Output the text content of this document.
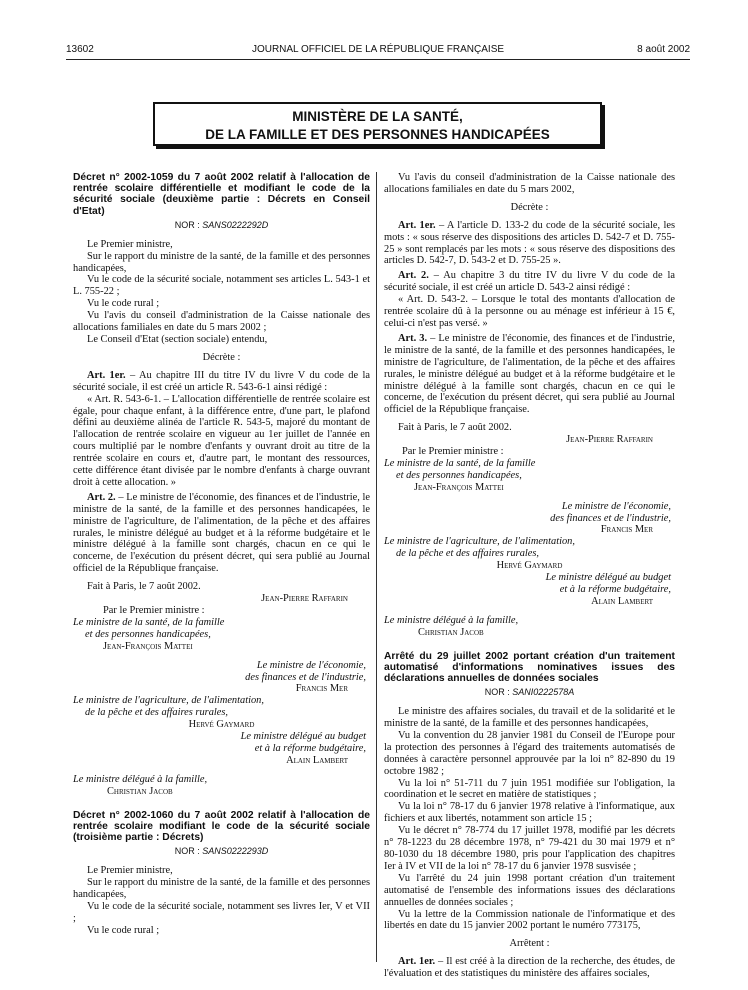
13602	JOURNAL OFFICIEL DE LA RÉPUBLIQUE FRANÇAISE	8 août 2002
MINISTÈRE DE LA SANTÉ,
DE LA FAMILLE ET DES PERSONNES HANDICAPÉES

Décret n° 2002-1059 du 7 août 2002 relatif à l'allocation de rentrée scolaire différentielle et modifiant le code de la sécurité sociale (deuxième partie : Décrets en Conseil d'Etat)

NOR : SANS0222292D

Le Premier ministre,

Sur le rapport du ministre de la santé, de la famille et des personnes handicapées,

Vu le code de la sécurité sociale, notamment ses articles L. 543-1 et L. 755-22 ;

Vu le code rural ;

Vu l'avis du conseil d'administration de la Caisse nationale des allocations familiales en date du 5 mars 2002 ;

Le Conseil d'Etat (section sociale) entendu,

Décrète :

Art. 1er. – Au chapitre III du titre IV du livre V du code de la sécurité sociale, il est créé un article R. 543-6-1 ainsi rédigé :

« Art. R. 543-6-1. – L'allocation différentielle de rentrée scolaire est égale, pour chaque enfant, à la différence entre, d'une part, le plafond défini au deuxième alinéa de l'article R. 543-5, majoré du montant de l'allocation de rentrée scolaire en vigueur au 1er juillet de l'année en cours multiplié par le nombre d'enfants y ouvrant droit au titre de la rentrée scolaire en cours et, d'autre part, le montant des ressources, cette différence étant divisée par le nombre d'enfants à charge ouvrant droit à cette allocation. »

Art. 2. – Le ministre de l'économie, des finances et de l'industrie, le ministre de la santé, de la famille et des personnes handicapées, le ministre de l'agriculture, de l'alimentation, de la pêche et des affaires rurales, le ministre délégué au budget et à la réforme budgétaire et le ministre délégué à la famille sont chargés, chacun en ce qui le concerne, de l'exécution du présent décret, qui sera publié au Journal officiel de la République française.

Fait à Paris, le 7 août 2002.

Jean-Pierre Raffarin

Par le Premier ministre :

Le ministre de la santé, de la famille

et des personnes handicapées,

Jean-François Mattei

Le ministre de l'économie,

des finances et de l'industrie,

Francis Mer

Le ministre de l'agriculture, de l'alimentation,

de la pêche et des affaires rurales,

Hervé Gaymard

Le ministre délégué au budget

et à la réforme budgétaire,

Alain Lambert

Le ministre délégué à la famille,

Christian Jacob

Décret n° 2002-1060 du 7 août 2002 relatif à l'allocation de rentrée scolaire modifiant le code de la sécurité sociale (troisième partie : Décrets)

NOR : SANS0222293D

Le Premier ministre,

Sur le rapport du ministre de la santé, de la famille et des personnes handicapées,

Vu le code de la sécurité sociale, notamment ses livres Ier, V et VII ;

Vu le code rural ;

Vu l'avis du conseil d'administration de la Caisse nationale des allocations familiales en date du 5 mars 2002,

Décrète :

Art. 1er. – A l'article D. 133-2 du code de la sécurité sociale, les mots : « sous réserve des dispositions des articles D. 542-7 et D. 755-25 » sont remplacés par les mots : « sous réserve des dispositions des articles D. 542-7, D. 543-2 et D. 755-25 ».

Art. 2. – Au chapitre 3 du titre IV du livre V du code de la sécurité sociale, il est créé un article D. 543-2 ainsi rédigé :

« Art. D. 543-2. – Lorsque le total des montants d'allocation de rentrée scolaire dû à la personne ou au ménage est inférieur à 15 €, celui-ci n'est pas versé. »

Art. 3. – Le ministre de l'économie, des finances et de l'industrie, le ministre de la santé, de la famille et des personnes handicapées, le ministre de l'agriculture, de l'alimentation, de la pêche et des affaires rurales, le ministre délégué au budget et à la réforme budgétaire et le ministre délégué à la famille sont chargés, chacun en ce qui le concerne, de l'exécution du présent décret, qui sera publié au Journal officiel de la République française.

Fait à Paris, le 7 août 2002.

Jean-Pierre Raffarin

Par le Premier ministre :

Le ministre de la santé, de la famille

et des personnes handicapées,

Jean-François Mattei

Le ministre de l'économie,

des finances et de l'industrie,

Francis Mer

Le ministre de l'agriculture, de l'alimentation,

de la pêche et des affaires rurales,

Hervé Gaymard

Le ministre délégué au budget

et à la réforme budgétaire,

Alain Lambert

Le ministre délégué à la famille,

Christian Jacob

Arrêté du 29 juillet 2002 portant création d'un traitement automatisé d'informations nominatives issues des déclarations annuelles de données sociales

NOR : SANI0222578A

Le ministre des affaires sociales, du travail et de la solidarité et le ministre de la santé, de la famille et des personnes handicapées,

Vu la convention du 28 janvier 1981 du Conseil de l'Europe pour la protection des personnes à l'égard des traitements automatisés de données à caractère personnel approuvée par la loi n° 82-890 du 19 octobre 1982 ;

Vu la loi n° 51-711 du 7 juin 1951 modifiée sur l'obligation, la coordination et le secret en matière de statistiques ;

Vu la loi n° 78-17 du 6 janvier 1978 relative à l'informatique, aux fichiers et aux libertés, notamment son article 15 ;

Vu le décret n° 78-774 du 17 juillet 1978, modifié par les décrets n° 78-1223 du 28 décembre 1978, n° 79-421 du 30 mai 1979 et n° 80-1030 du 18 décembre 1980, pris pour l'application des chapitres Ier à IV et VII de la loi n° 78-17 du 6 janvier 1978 susvisée ;

Vu l'arrêté du 24 juin 1998 portant création d'un traitement automatisé de l'ensemble des informations issues des déclarations annuelles de données sociales ;

Vu la lettre de la Commission nationale de l'informatique et des libertés en date du 15 janvier 2002 portant le numéro 773175,

Arrêtent :

Art. 1er. – Il est créé à la direction de la recherche, des études, de l'évaluation et des statistiques du ministère des affaires sociales,
